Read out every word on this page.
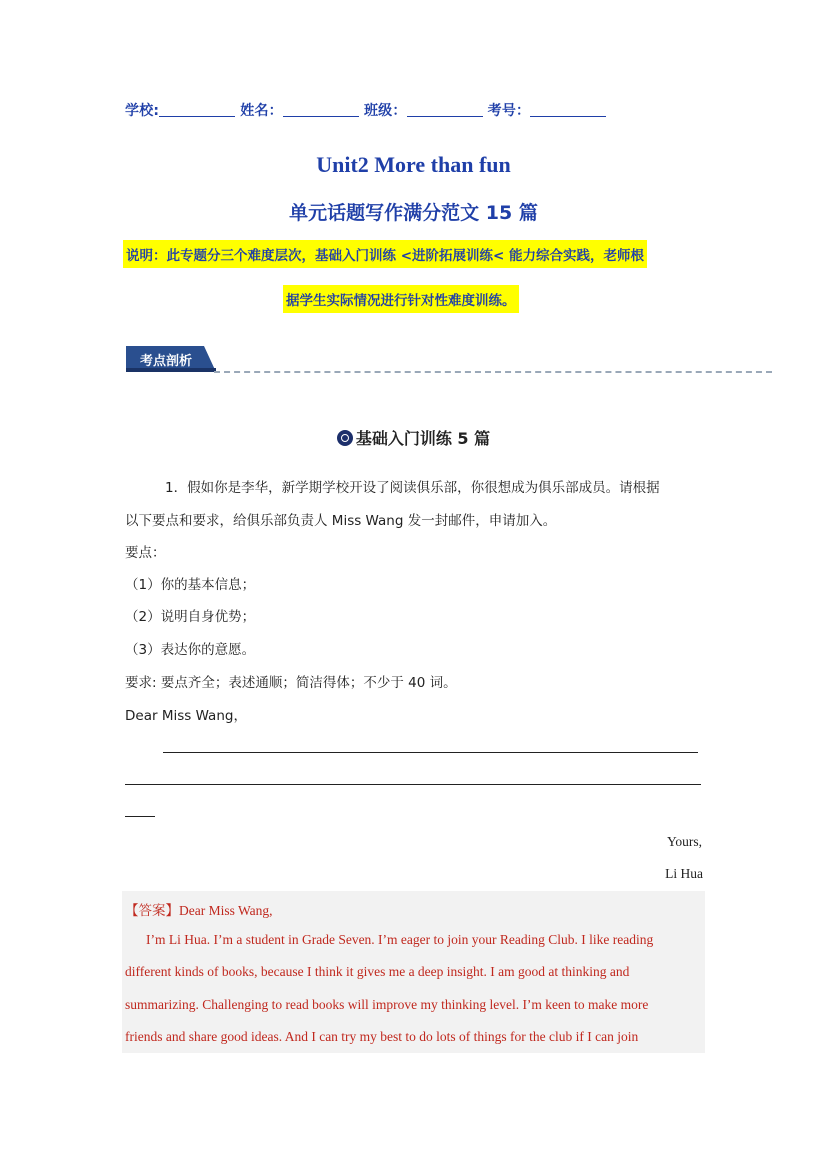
学校:	姓名：	班级：	考号：
Unit2 More than fun
单元话题写作满分范文 15 篇
说明：此专题分三个难度层次，基础入门训练 <进阶拓展训练< 能力综合实践，老师根
据学生实际情况进行针对性难度训练。
考点剖析
基础入门训练 5 篇
1．假如你是李华，新学期学校开设了阅读俱乐部，你很想成为俱乐部成员。请根据
以下要点和要求，给俱乐部负责人 Miss Wang 发一封邮件，申请加入。
要点：
（1）你的基本信息；
（2）说明自身优势；
（3）表达你的意愿。
要求: 要点齐全；表述通顺；简洁得体；不少于 40 词。
Dear Miss Wang，
Yours,
Li Hua
【答案】Dear Miss Wang,
I’m Li Hua. I’m a student in Grade Seven. I’m eager to join your Reading Club. I like reading
different kinds of books, because I think it gives me a deep insight. I am good at thinking and
summarizing. Challenging to read books will improve my thinking level. I’m keen to make more
friends and share good ideas. And I can try my best to do lots of things for the club if I can join
